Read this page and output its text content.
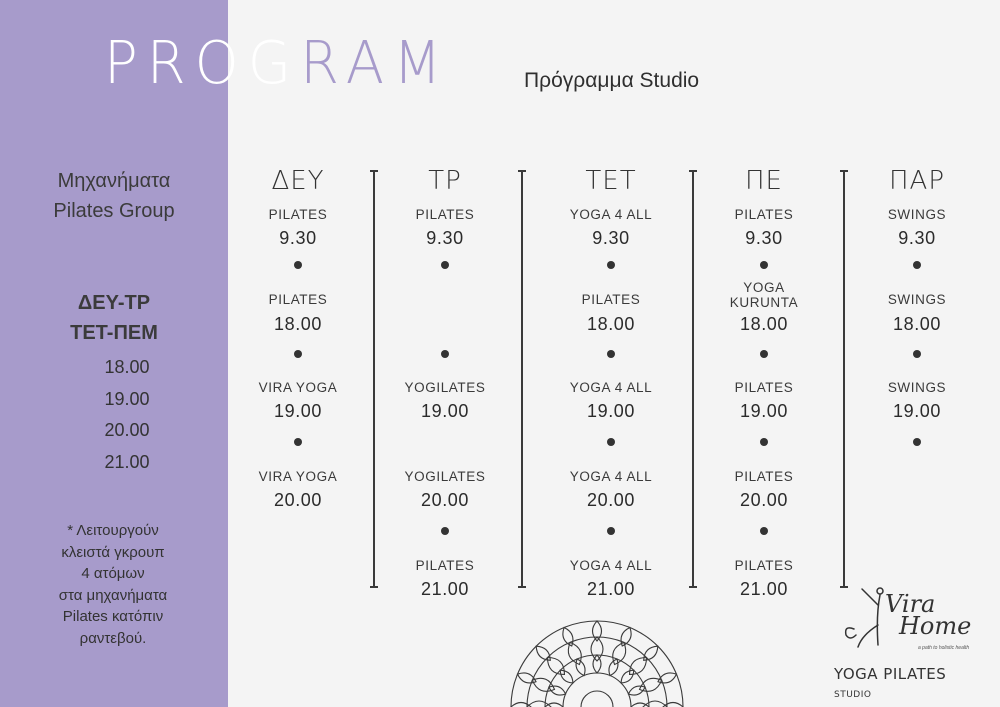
PROGRAM	Πρόγραμμα Studio
Μηχανήματα
Pilates Group
ΔΕΥ-ΤΡ
ΤΕΤ-ΠΕΜ
18.00
19.00
20.00
21.00
* Λειτουργούν
κλειστά γκρουπ
4 ατόμων
στα μηχανήματα
Pilates κατόπιν
ραντεβού.
ΔΕΥ
PILATES
9.30
PILATES
18.00
VIRA YOGA
19.00
VIRA YOGA
20.00
ΤΡ
PILATES
9.30
YOGILATES
19.00
YOGILATES
20.00
PILATES
21.00
ΤΕΤ
YOGA 4 ALL
9.30
PILATES
18.00
YOGA 4 ALL
19.00
YOGA 4 ALL
20.00
YOGA 4 ALL
21.00
ΠΕ
PILATES
9.30
YOGA
KURUNTA
18.00
PILATES
19.00
PILATES
20.00
PILATES
21.00
ΠΑΡ
SWINGS
9.30
SWINGS
18.00
SWINGS
19.00
Vira
Home
a path to holistic health
YOGA PILATES STUDIO
